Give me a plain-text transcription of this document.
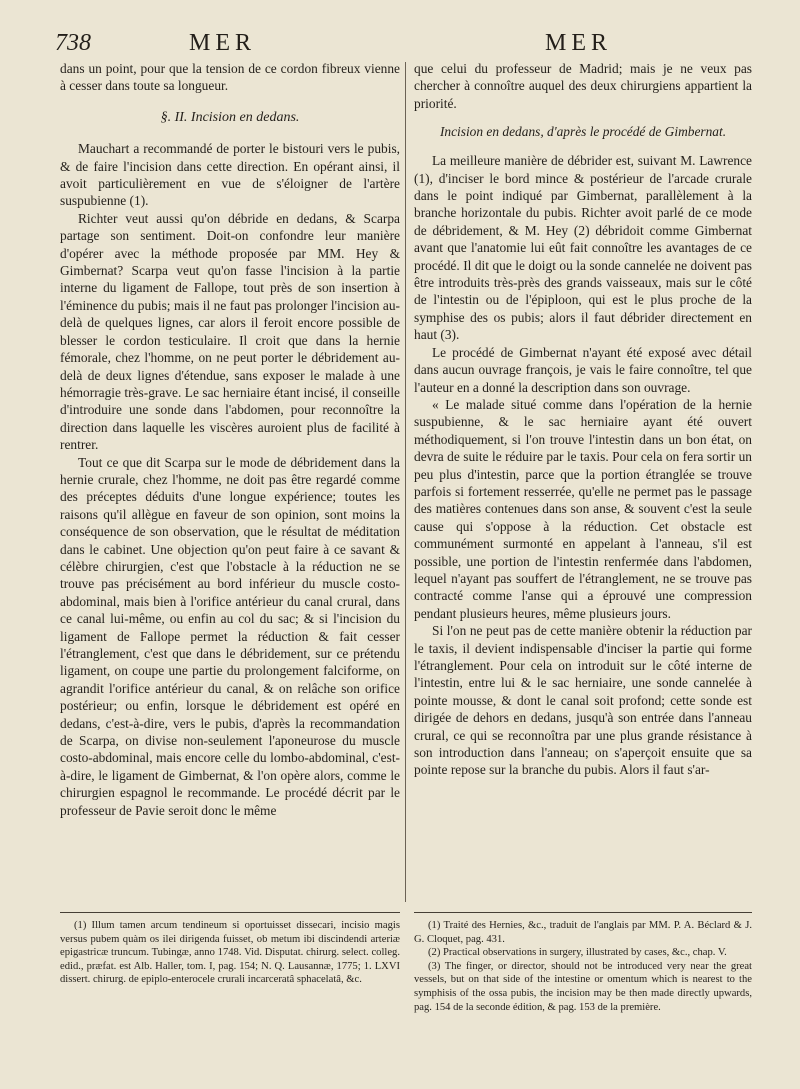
738	MER	MER

dans un point, pour que la tension de ce cordon fibreux vienne à cesser dans toute sa longueur.

§. II. Incision en dedans.

Mauchart a recommandé de porter le bistouri vers le pubis, & de faire l'incision dans cette direction. En opérant ainsi, il avoit particulièrement en vue de s'éloigner de l'artère suspubienne (1).

Richter veut aussi qu'on débride en dedans, & Scarpa partage son sentiment. Doit-on confondre leur manière d'opérer avec la méthode proposée par MM. Hey & Gimbernat? Scarpa veut qu'on fasse l'incision à la partie interne du ligament de Fallope, tout près de son insertion à l'éminence du pubis; mais il ne faut pas prolonger l'incision au-delà de quelques lignes, car alors il feroit encore possible de blesser le cordon testiculaire. Il croit que dans la hernie fémorale, chez l'homme, on ne peut porter le débridement au-delà de deux lignes d'étendue, sans exposer le malade à une hémorragie très-grave. Le sac herniaire étant incisé, il conseille d'introduire une sonde dans l'abdomen, pour reconnoître la direction dans laquelle les viscères auroient plus de facilité à rentrer.

Tout ce que dit Scarpa sur le mode de débridement dans la hernie crurale, chez l'homme, ne doit pas être regardé comme des préceptes déduits d'une longue expérience; toutes les raisons qu'il allègue en faveur de son opinion, sont moins la conséquence de son observation, que le résultat de méditation dans le cabinet. Une objection qu'on peut faire à ce savant & célèbre chirurgien, c'est que l'obstacle à la réduction ne se trouve pas précisément au bord inférieur du muscle costo-abdominal, mais bien à l'orifice antérieur du canal crural, dans ce canal lui-même, ou enfin au col du sac; & si l'incision du ligament de Fallope permet la réduction & fait cesser l'étranglement, c'est que dans le débridement, sur ce prétendu ligament, on coupe une partie du prolongement falciforme, on agrandit l'orifice antérieur du canal, & on relâche son orifice postérieur; ou enfin, lorsque le débridement est opéré en dedans, c'est-à-dire, vers le pubis, d'après la recommandation de Scarpa, on divise non-seulement l'aponeurose du muscle costo-abdominal, mais encore celle du lombo-abdominal, c'est-à-dire, le ligament de Gimbernat, & l'on opère alors, comme le chirurgien espagnol le recommande. Le procédé décrit par le professeur de Pavie seroit donc le même

que celui du professeur de Madrid; mais je ne veux pas chercher à connoître auquel des deux chirurgiens appartient la priorité.

Incision en dedans, d'après le procédé de Gimbernat.

La meilleure manière de débrider est, suivant M. Lawrence (1), d'inciser le bord mince & postérieur de l'arcade crurale dans le point indiqué par Gimbernat, parallèlement à la branche horizontale du pubis. Richter avoit parlé de ce mode de débridement, & M. Hey (2) débridoit comme Gimbernat avant que l'anatomie lui eût fait connoître les avantages de ce procédé. Il dit que le doigt ou la sonde cannelée ne doivent pas être introduits très-près des grands vaisseaux, mais sur le côté de l'intestin ou de l'épiploon, qui est le plus proche de la symphise des os pubis; alors il faut débrider directement en haut (3).

Le procédé de Gimbernat n'ayant été exposé avec détail dans aucun ouvrage françois, je vais le faire connoître, tel que l'auteur en a donné la description dans son ouvrage.

« Le malade situé comme dans l'opération de la hernie suspubienne, & le sac herniaire ayant été ouvert méthodiquement, si l'on trouve l'intestin dans un bon état, on devra de suite le réduire par le taxis. Pour cela on fera sortir un peu plus d'intestin, parce que la portion étranglée se trouve parfois si fortement resserrée, qu'elle ne permet pas le passage des matières contenues dans son anse, & souvent c'est la seule cause qui s'oppose à la réduction. Cet obstacle est communément surmonté en appelant à l'anneau, s'il est possible, une portion de l'intestin renfermée dans l'abdomen, lequel n'ayant pas souffert de l'étranglement, ne se trouve pas contracté comme l'anse qui a éprouvé une compression pendant plusieurs heures, même plusieurs jours.

Si l'on ne peut pas de cette manière obtenir la réduction par le taxis, il devient indispensable d'inciser la partie qui forme l'étranglement. Pour cela on introduit sur le côté interne de l'intestin, entre lui & le sac herniaire, une sonde cannelée à pointe mousse, & dont le canal soit profond; cette sonde est dirigée de dehors en dedans, jusqu'à son entrée dans l'anneau crural, ce qui se reconnoîtra par une plus grande résistance à son introduction dans l'anneau; on s'aperçoit ensuite que sa pointe repose sur la branche du pubis. Alors il faut s'ar-

(1) Illum tamen arcum tendineum si oportuisset dissecari, incisio magis versus pubem quàm os ilei dirigenda fuisset, ob metum ibi discindendi arteriæ epigastricæ truncum. Tubingæ, anno 1748. Vid. Disputat. chirurg. select. colleg. edid., præfat. est Alb. Haller, tom. I, pag. 154; N. Q. Lausannæ, 1775; 1. LXVI dissert. chirurg. de epiplo-enterocele crurali incarceratâ sphacelatâ, &c.

(1) Traité des Hernies, &c., traduit de l'anglais par MM. P. A. Béclard & J. G. Cloquet, pag. 431.

(2) Practical observations in surgery, illustrated by cases, &c., chap. V.

(3) The finger, or director, should not be introduced very near the great vessels, but on that side of the intestine or omentum which is nearest to the symphisis of the ossa pubis, the incision may be then made directly upwards, pag. 154 de la seconde édition, & pag. 153 de la première.
